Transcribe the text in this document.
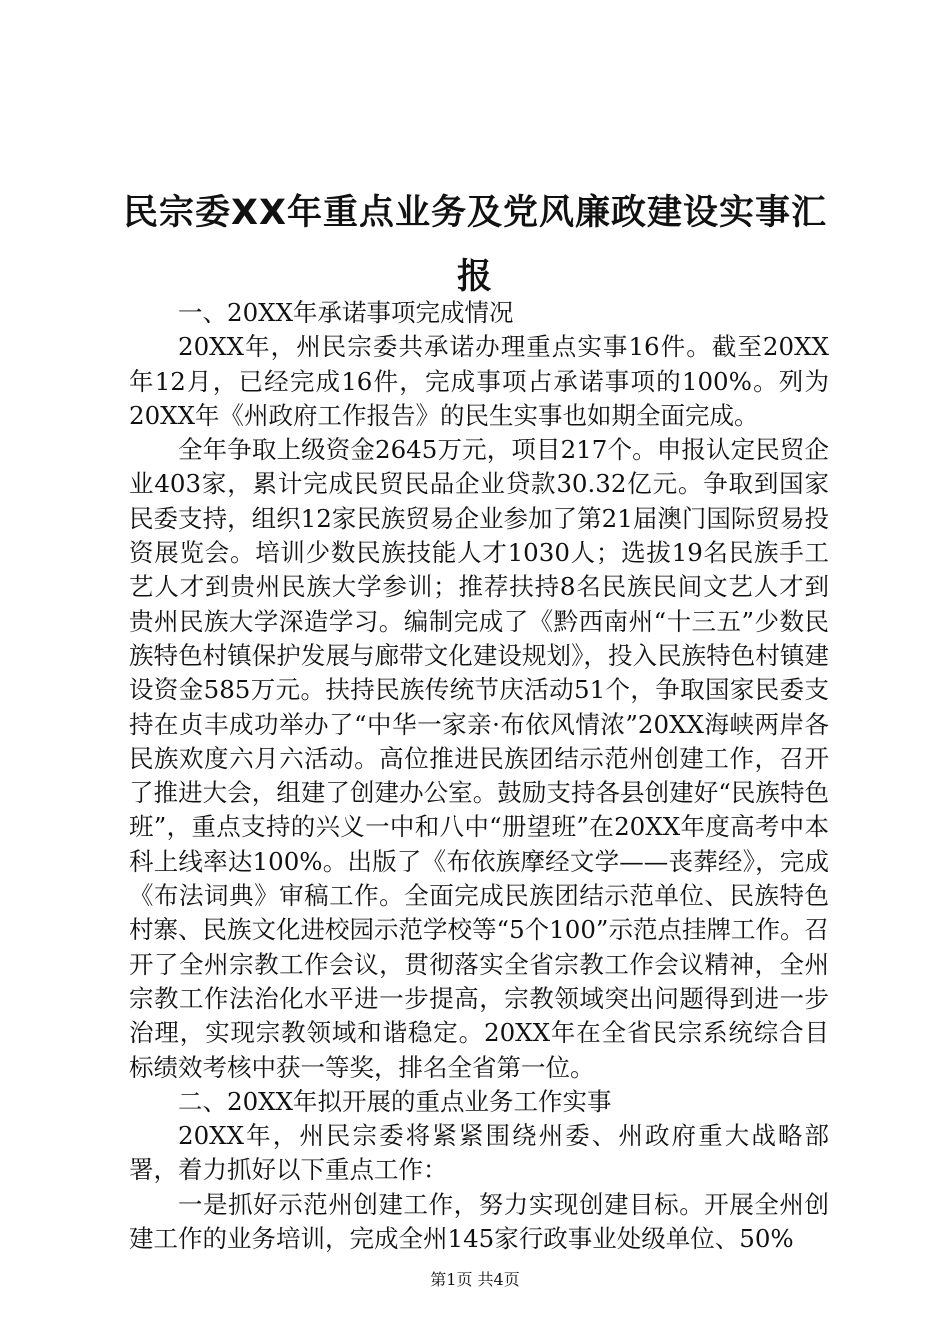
民宗委XX年重点业务及党风廉政建设实事汇报

一、20XX年承诺事项完成情况

20XX年，州民宗委共承诺办理重点实事16件。截至20XX年12月，已经完成16件，完成事项占承诺事项的100%。列为20XX年《州政府工作报告》的民生实事也如期全面完成。

全年争取上级资金2645万元，项目217个。申报认定民贸企业403家，累计完成民贸民品企业贷款30.32亿元。争取到国家民委支持，组织12家民族贸易企业参加了第21届澳门国际贸易投资展览会。培训少数民族技能人才1030人；选拔19名民族手工艺人才到贵州民族大学参训；推荐扶持8名民族民间文艺人才到贵州民族大学深造学习。编制完成了《黔西南州“十三五”少数民族特色村镇保护发展与廊带文化建设规划》，投入民族特色村镇建设资金585万元。扶持民族传统节庆活动51个，争取国家民委支持在贞丰成功举办了“中华一家亲·布依风情浓”20XX海峡两岸各民族欢度六月六活动。高位推进民族团结示范州创建工作，召开了推进大会，组建了创建办公室。鼓励支持各县创建好“民族特色班”，重点支持的兴义一中和八中“册望班”在20XX年度高考中本科上线率达100%。出版了《布依族摩经文学——丧葬经》，完成《布法词典》审稿工作。全面完成民族团结示范单位、民族特色村寨、民族文化进校园示范学校等“5个100”示范点挂牌工作。召开了全州宗教工作会议，贯彻落实全省宗教工作会议精神，全州宗教工作法治化水平进一步提高，宗教领域突出问题得到进一步治理，实现宗教领域和谐稳定。20XX年在全省民宗系统综合目标绩效考核中获一等奖，排名全省第一位。

二、20XX年拟开展的重点业务工作实事

20XX年，州民宗委将紧紧围绕州委、州政府重大战略部署，着力抓好以下重点工作：

一是抓好示范州创建工作，努力实现创建目标。开展全州创建工作的业务培训，完成全州145家行政事业处级单位、50%

第1页 共4页
